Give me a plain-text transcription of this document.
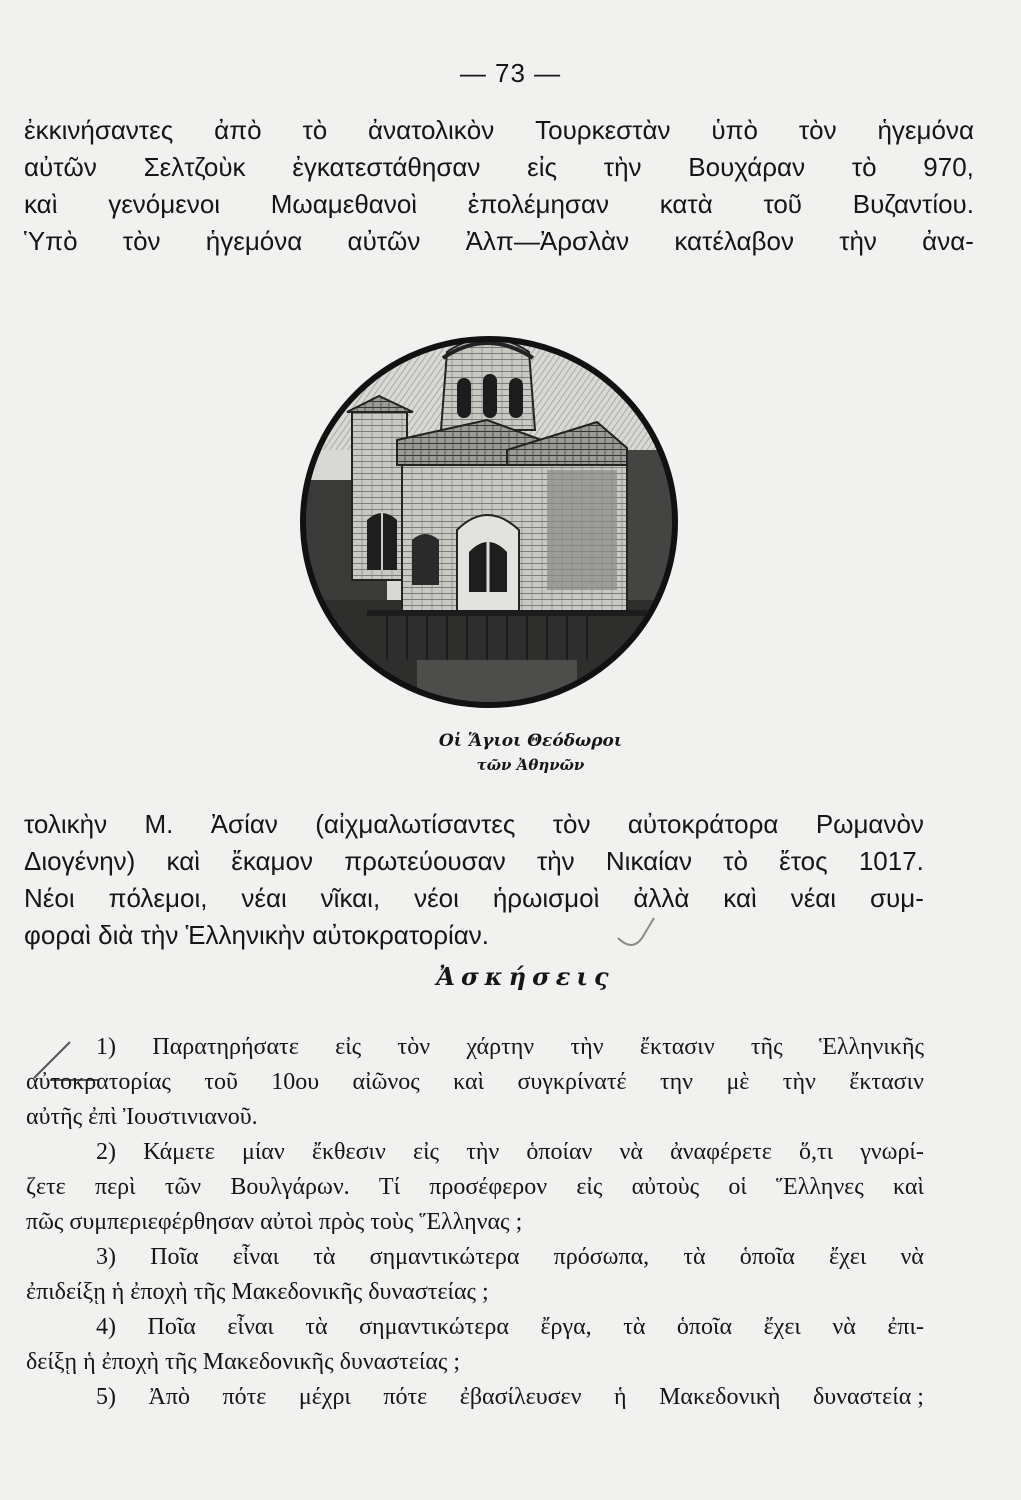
— 73 —
ἐκκινήσαντες ἀπὸ τὸ ἀνατολικὸν Τουρκεστὰν ὑπὸ τὸν ἡγεμόνα
αὐτῶν Σελτζοὺκ ἐγκατεστάθησαν εἰς τὴν Βουχάραν τὸ 970,
καὶ γενόμενοι Μωαμεθανοὶ ἐπολέμησαν κατὰ τοῦ Βυζαντίου.
Ὑπὸ τὸν ἡγεμόνα αὐτῶν Ἀλπ—Ἀρσλὰν κατέλαβον τὴν ἀνα-
Οἱ Ἅγιοι Θεόδωροι
τῶν Ἀθηνῶν
τολικὴν Μ. Ἀσίαν (αἰχμαλωτίσαντες τὸν αὐτοκράτορα Ρωμανὸν
Διογένην) καὶ ἔκαμον πρωτεύουσαν τὴν Νικαίαν τὸ ἔτος 1017.
Νέοι πόλεμοι, νέαι νῖκαι, νέοι ἡρωισμοὶ ἀλλὰ καὶ νέαι συμ-
φοραὶ διὰ τὴν Ἑλληνικὴν αὐτοκρατορίαν.
Ἀσκήσεις
1) Παρατηρήσατε εἰς τὸν χάρτην τὴν ἔκτασιν τῆς Ἑλληνικῆς
αὐτοκρατορίας τοῦ 10ου αἰῶνος καὶ συγκρίνατέ την μὲ τὴν ἔκτασιν
αὐτῆς ἐπὶ Ἰουστινιανοῦ.
2) Κάμετε μίαν ἔκθεσιν εἰς τὴν ὁποίαν νὰ ἀναφέρετε ὅ,τι γνωρί-
ζετε περὶ τῶν Βουλγάρων. Τί προσέφερον εἰς αὐτοὺς οἱ Ἕλληνες καὶ
πῶς συμπεριεφέρθησαν αὐτοὶ πρὸς τοὺς Ἕλληνας ;
3) Ποῖα εἶναι τὰ σημαντικώτερα πρόσωπα, τὰ ὁποῖα ἔχει νὰ
ἐπιδείξῃ ἡ ἐποχὴ τῆς Μακεδονικῆς δυναστείας ;
4) Ποῖα εἶναι τὰ σημαντικώτερα ἔργα, τὰ ὁποῖα ἔχει νὰ ἐπι-
δείξῃ ἡ ἐποχὴ τῆς Μακεδονικῆς δυναστείας ;
5) Ἀπὸ πότε μέχρι πότε ἐβασίλευσεν ἡ Μακεδονικὴ δυναστεία ;
